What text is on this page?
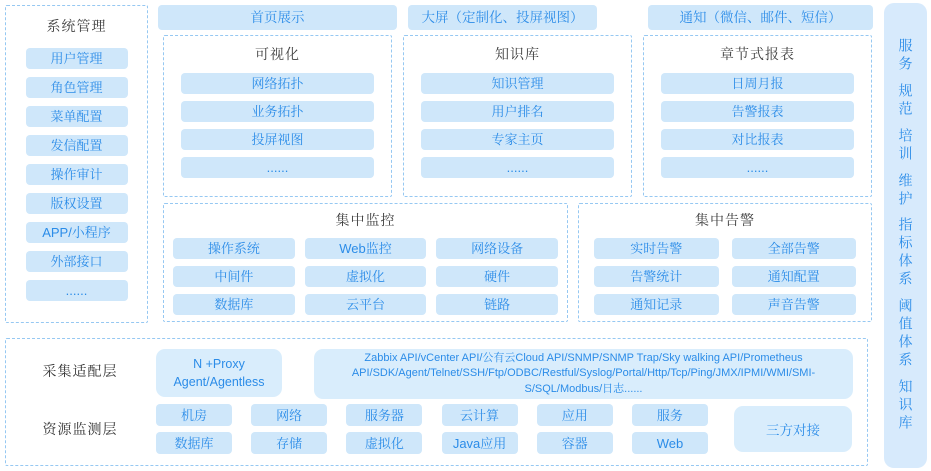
系统管理
用户管理
角色管理
菜单配置
发信配置
操作审计
版权设置
APP/小程序
外部接口
......
首页展示	大屏（定制化、投屏视图）	通知（微信、邮件、短信）
可视化
网络拓扑
业务拓扑
投屏视图
......
知识库
知识管理
用户排名
专家主页
......
章节式报表
日周月报
告警报表
对比报表
......
集中监控
操作系统	Web监控	网络设备
中间件	虚拟化	硬件
数据库	云平台	链路
集中告警
实时告警	全部告警
告警统计	通知配置
通知记录	声音告警
采集适配层	N +Proxy
Agent/Agentless
Zabbix API/vCenter API/公有云Cloud API/SNMP/SNMP Trap/Sky walking API/Prometheus API/SDK/Agent/Telnet/SSH/Ftp/ODBC/Restful/Syslog/Portal/Http/Tcp/Ping/JMX/IPMI/WMI/SMI-S/SQL/Modbus/日志......
资源监测层
机房	网络	服务器	云计算	应用	服务
数据库	存储	虚拟化	Java应用	容器	Web
三方对接
服务
规范
培训
维护
指标体系
阈值体系
知识库
